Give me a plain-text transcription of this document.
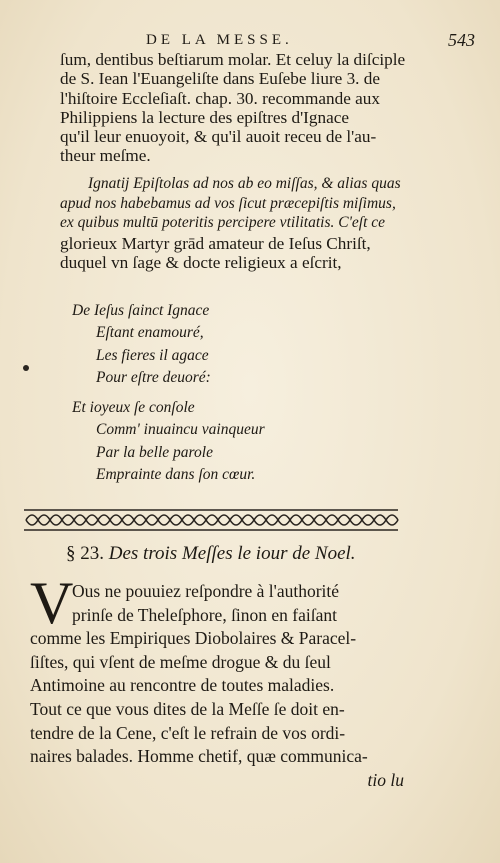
DE LA MESSE.	543
ſum, dentibus beſtiarum molar. Et celuy la diſciple
de S. Iean l'Euangeliſte dans Euſebe liure 3. de
l'hiſtoire Eccleſiaſt. chap. 30. recommande aux
Philippiens la lecture des epiſtres d'Ignace
qu'il leur enuoyoit, & qu'il auoit receu de l'au-
theur meſme.
Ignatij Epiſtolas ad nos ab eo miſſas, & alias quas
apud nos habebamus ad vos ſicut præcepiſtis miſimus,
ex quibus multū poteritis percipere vtilitatis. C'eſt ce
glorieux Martyr grād amateur de Ieſus Chriſt,
duquel vn ſage & docte religieux a eſcrit,
De Ieſus ſainct Ignace
Eſtant enamouré,
Les fieres il agace
Pour eſtre deuoré:
Et ioyeux ſe conſole
Comm' inuaincu vainqueur
Par la belle parole
Empraintе dans ſon cœur.
§ 23. Des trois Meſſes le iour de Noel.
V
Ous ne pouuiez reſpondre à l'authorité
prinſe de Theleſphore, ſinon en faiſant
comme les Empiriques Diobolaires & Paracel-
ſiſtes, qui vſent de meſme drogue & du ſeul
Antimoine au rencontre de toutes maladies.
Tout ce que vous dites de la Meſſe ſe doit en-
tendre de la Cene, c'eſt le refrain de vos ordi-
naires balades. Homme chetif, quæ communica-
tio lu
